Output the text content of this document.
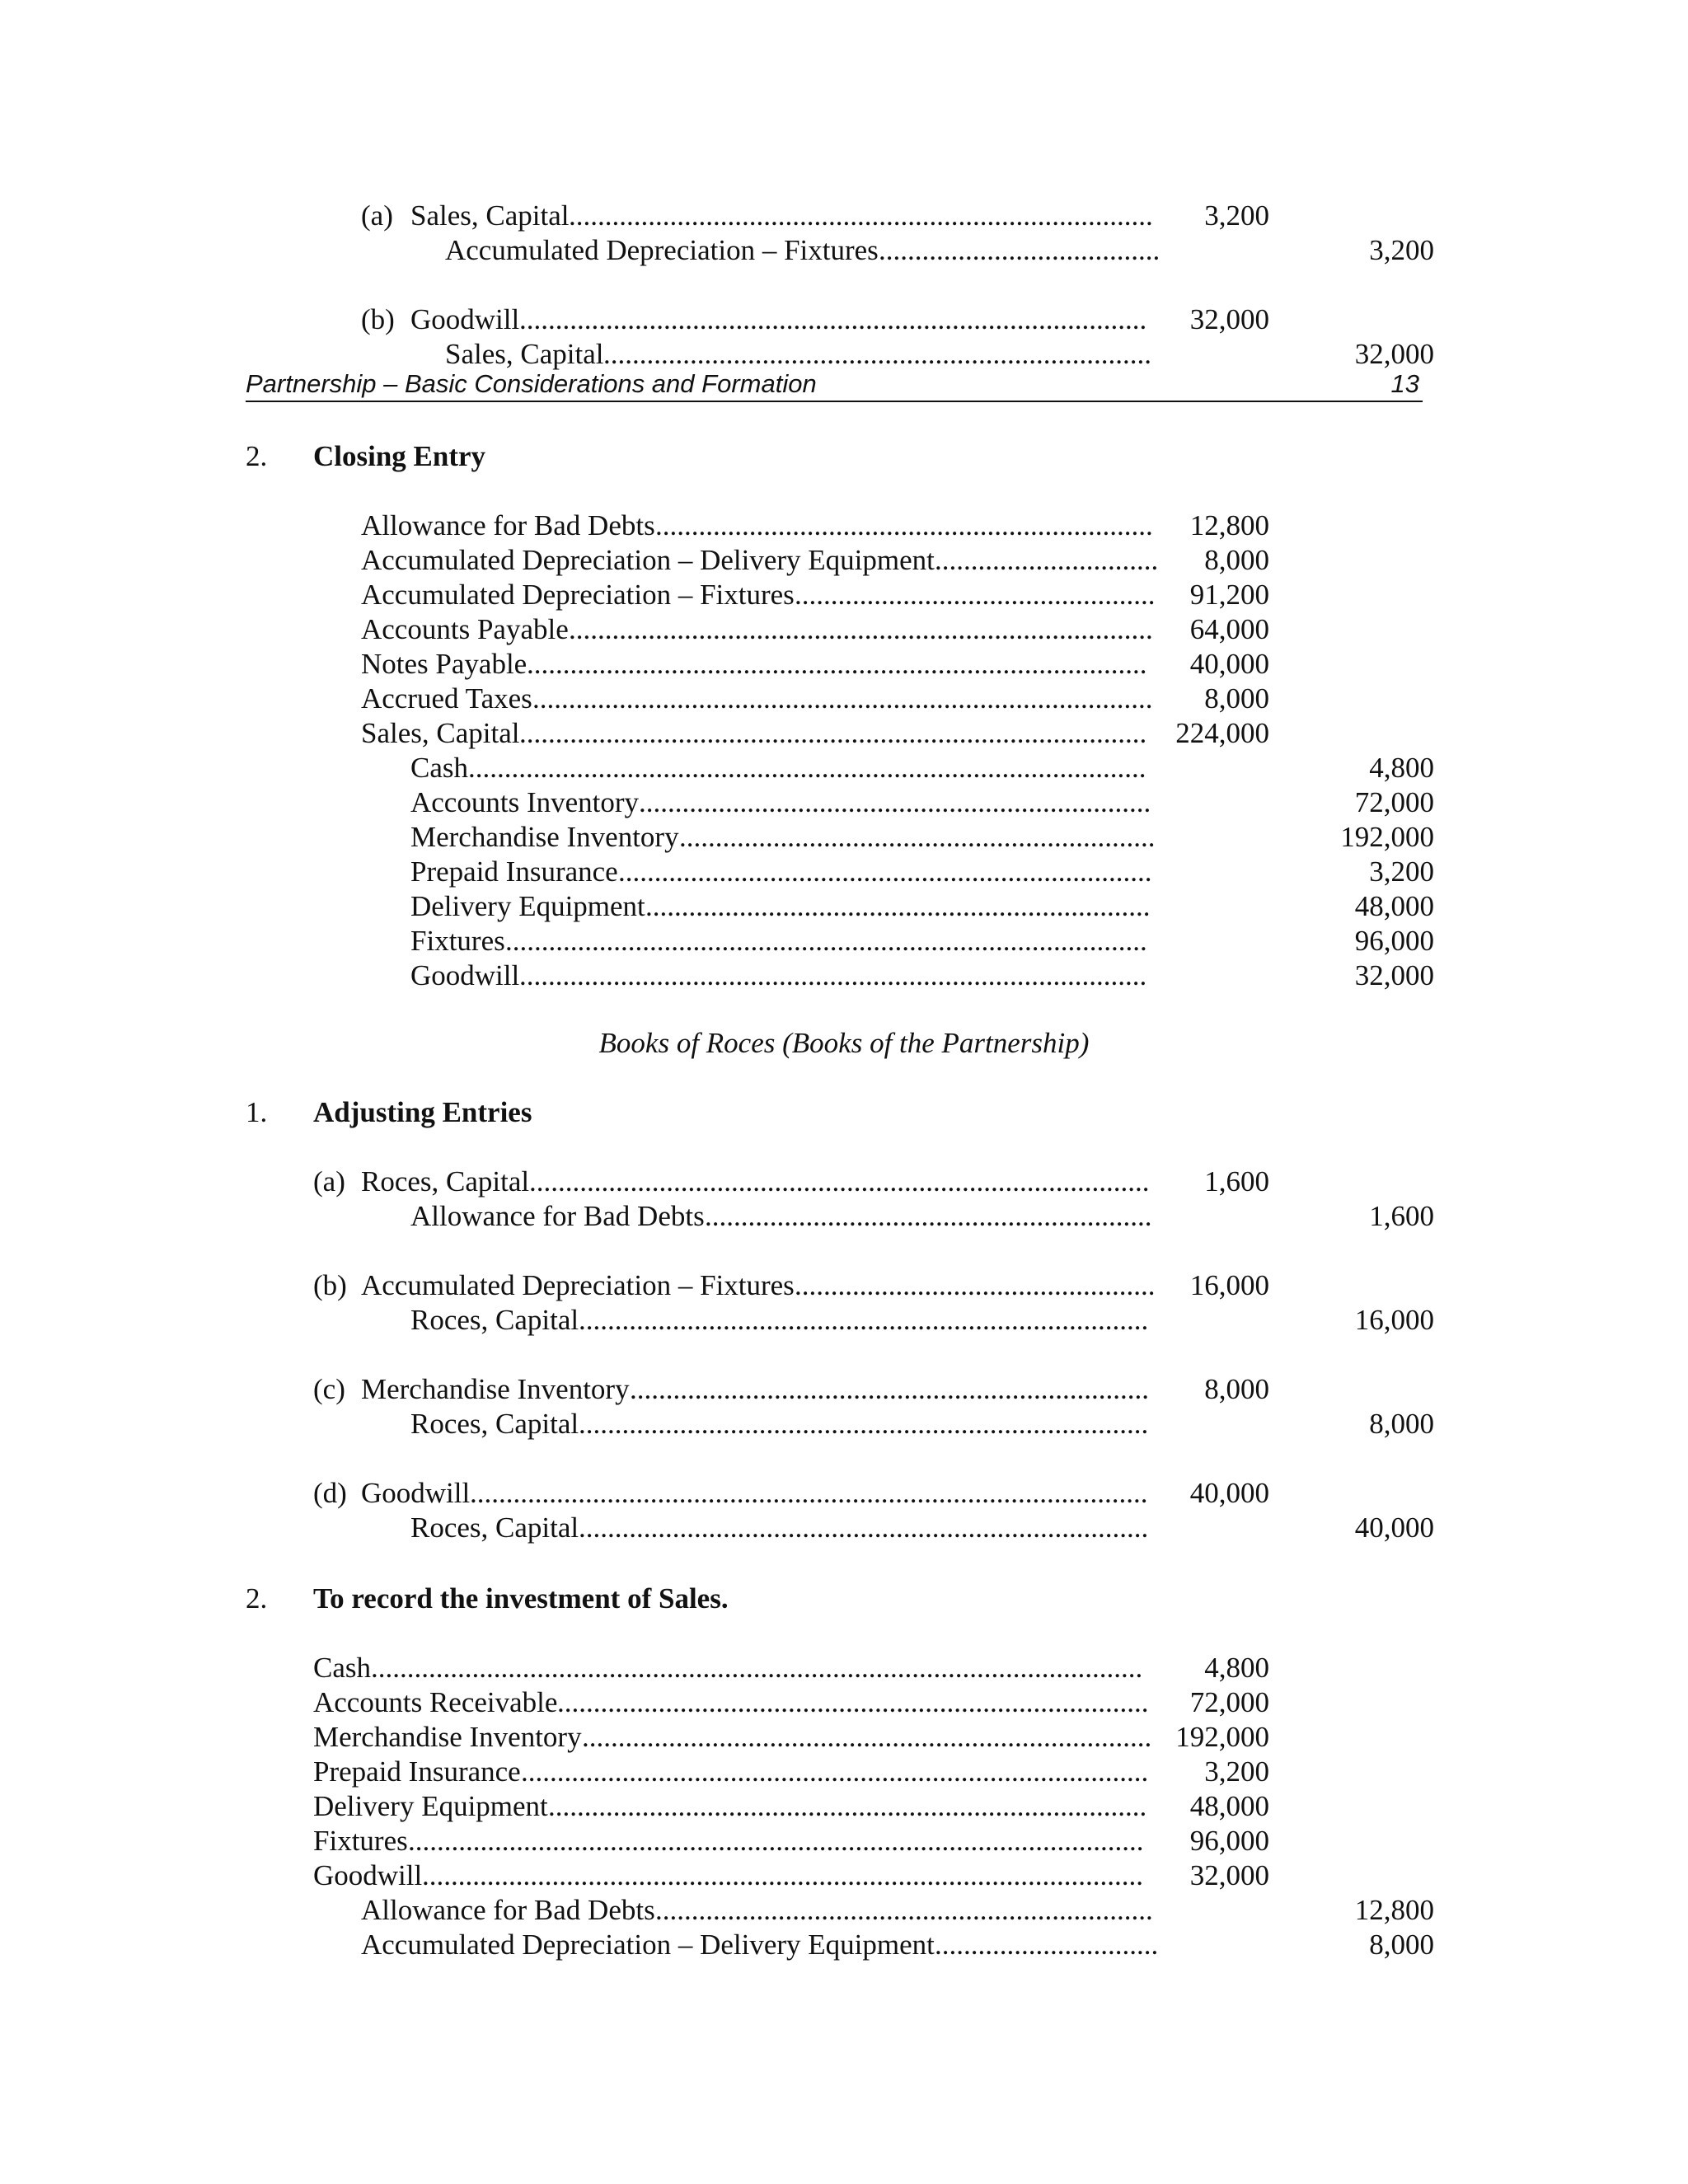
(a) Sales, Capital .................................................................................	3,200
Accumulated Depreciation – Fixtures .......................................	3,200
(b) Goodwill .......................................................................................	32,000
Sales, Capital ............................................................................	32,000
Partnership – Basic Considerations and Formation	13
2. Closing Entry
Allowance for Bad Debts .....................................................................	12,800
Accumulated Depreciation – Delivery Equipment ...............................	8,000
Accumulated Depreciation – Fixtures ..................................................	91,200
Accounts Payable .................................................................................	64,000
Notes Payable ......................................................................................	40,000
Accrued Taxes ......................................................................................	8,000
Sales, Capital .......................................................................................	224,000
Cash ..............................................................................................	4,800
Accounts Inventory .......................................................................	72,000
Merchandise Inventory ..................................................................	192,000
Prepaid Insurance ..........................................................................	3,200
Delivery Equipment ......................................................................	48,000
Fixtures .........................................................................................	96,000
Goodwill .......................................................................................	32,000
Books of Roces (Books of the Partnership)
1. Adjusting Entries
(a) Roces, Capital ......................................................................................	1,600
Allowance for Bad Debts ..............................................................	1,600
(b) Accumulated Depreciation – Fixtures ..................................................	16,000
Roces, Capital ...............................................................................	16,000
(c) Merchandise Inventory ........................................................................	8,000
Roces, Capital ...............................................................................	8,000
(d) Goodwill ..............................................................................................	40,000
Roces, Capital ...............................................................................	40,000
2. To record the investment of Sales.
Cash ...........................................................................................................	4,800
Accounts Receivable ..................................................................................	72,000
Merchandise Inventory ............................................................................... 192,000
Prepaid Insurance .......................................................................................	3,200
Delivery Equipment ...................................................................................	48,000
Fixtures ......................................................................................................	96,000
Goodwill ....................................................................................................	32,000
Allowance for Bad Debts .....................................................................	12,800
Accumulated Depreciation – Delivery Equipment ...............................	8,000
